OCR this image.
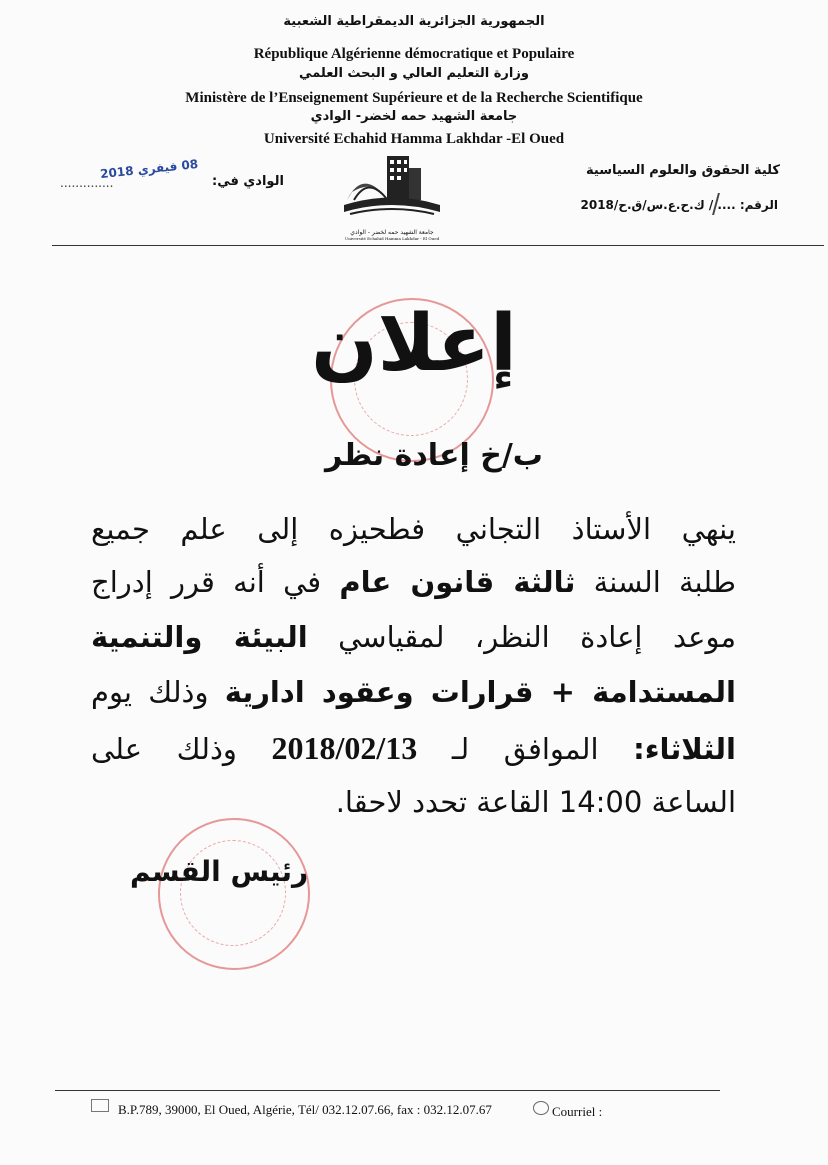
الجمهورية الجزائرية الديمقراطية الشعبية
République Algérienne démocratique et Populaire
وزارة التعليم العالي و البحث العلمي
Ministère de l’Enseignement Supérieure et de la Recherche Scientifique
جامعة الشهيد حمه لخضر- الوادي
Université Echahid Hamma Lakhdar -El Oued
كلية الحقوق والعلوم السياسية
الرقم: .... / ك.ح.ع.س/ق.ح/2018
الوادي في:
..............
08 فيفري 2018
جامعة الشهيد حمه لخضر - الوادي
Université Echahid Hamma Lakhdar - El Oued
إعلان
ب/خ إعادة نظر
ينهي الأستاذ التجاني فطحيزه إلى علم جميع
طلبة السنة ثالثة قانون عام في أنه قرر إدراج
موعد إعادة النظر، لمقياسي البيئة والتنمية
المستدامة + قرارات وعقود ادارية وذلك يوم
الثلاثاء: الموافق لـ 2018/02/13 وذلك على
الساعة 14:00 القاعة تحدد لاحقا.
رئيس القسم
B.P.789, 39000, El Oued, Algérie, Tél/ 032.12.07.66, fax : 032.12.07.67	Courriel :
